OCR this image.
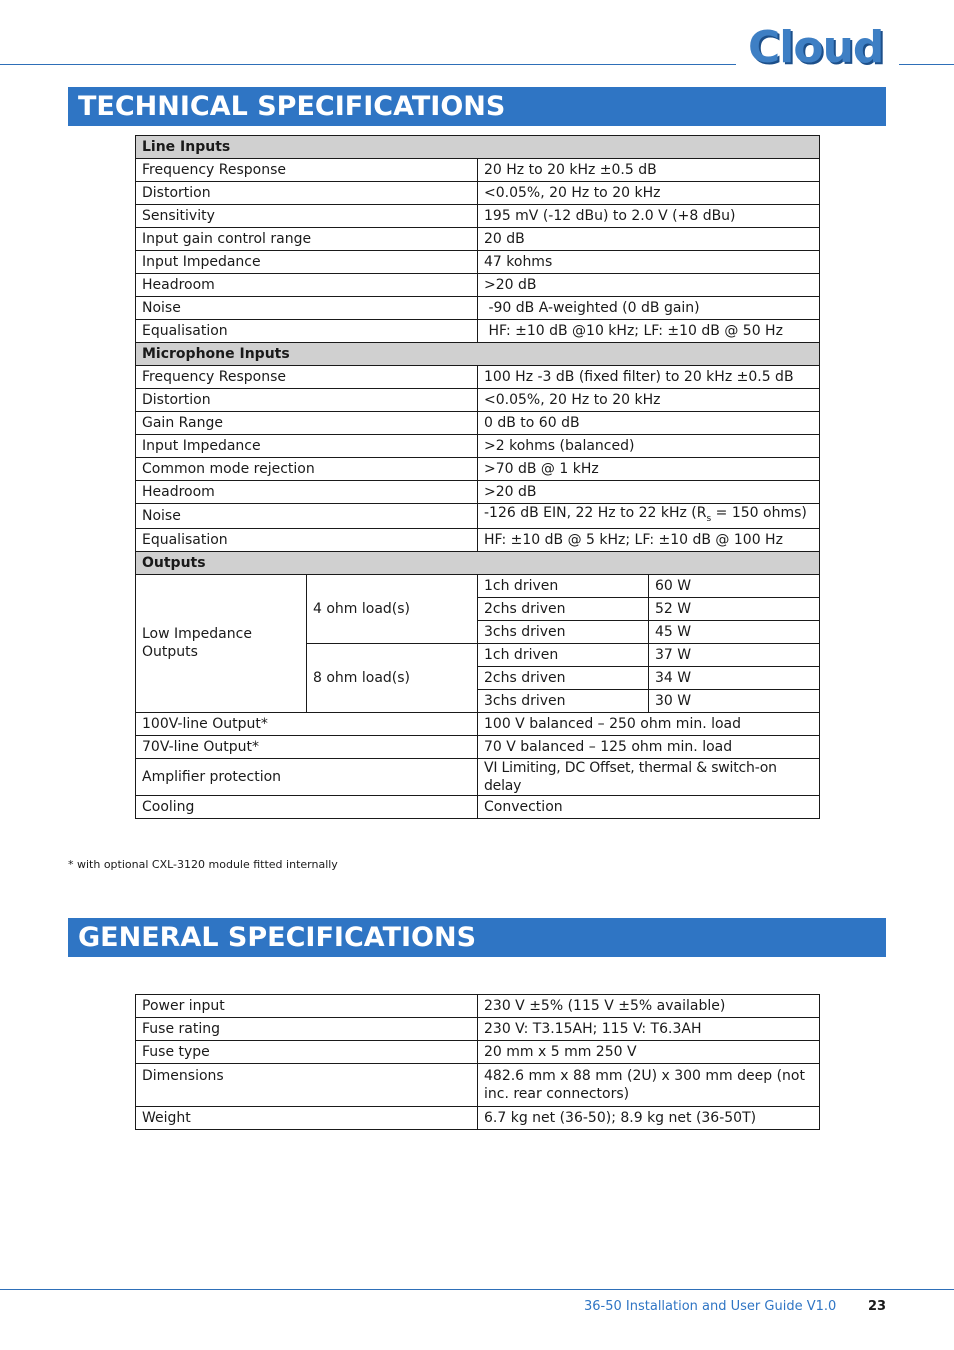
Cloud
TECHNICAL SPECIFICATIONS
Line Inputs			
Frequency Response		20 Hz to 20 kHz ±0.5 dB	
Distortion		<0.05%, 20 Hz to 20 kHz	
Sensitivity		195 mV (-12 dBu) to 2.0 V (+8 dBu)	
Input gain control range		20 dB	
Input Impedance		47 kohms	
Headroom		>20 dB	
Noise		-90 dB A-weighted (0 dB gain)	
Equalisation		HF: ±10 dB @10 kHz; LF: ±10 dB @ 50 Hz	
Microphone Inputs			
Frequency Response		100 Hz -3 dB (fixed filter) to 20 kHz ±0.5 dB	
Distortion		<0.05%, 20 Hz to 20 kHz	
Gain Range		0 dB to 60 dB	
Input Impedance		>2 kohms (balanced)	
Common mode rejection		>70 dB @ 1 kHz	
Headroom		>20 dB	
Noise		-126 dB EIN, 22 Hz to 22 kHz ($R_s = 150$ ohms)	
Equalisation		HF: ±10 dB @ 5 kHz; LF: ±10 dB @ 100 Hz	
Outputs			
Low Impedance Outputs	4 ohm load(s)	1ch driven	60 W
		2chs driven	52 W
		3chs driven	45 W
	8 ohm load(s)	1ch driven	37 W
		2chs driven	34 W
		3chs driven	30 W
100V-line Output*		100 V balanced – 250 ohm min. load	
70V-line Output*		70 V balanced – 125 ohm min. load	
Amplifier protection		VI Limiting, DC Offset, thermal & switch-on delay	
Cooling		Convection	
* with optional CXL-3120 module fitted internally
GENERAL SPECIFICATIONS
Power input	230 V ±5% (115 V ±5% available)
Fuse rating	230 V: T3.15AH; 115 V: T6.3AH
Fuse type	20 mm x 5 mm 250 V
Dimensions	482.6 mm x 88 mm (2U) x 300 mm deep (not inc. rear connectors)
Weight	6.7 kg net (36-50); 8.9 kg net (36-50T)
36-50 Installation and User Guide V1.0 23
